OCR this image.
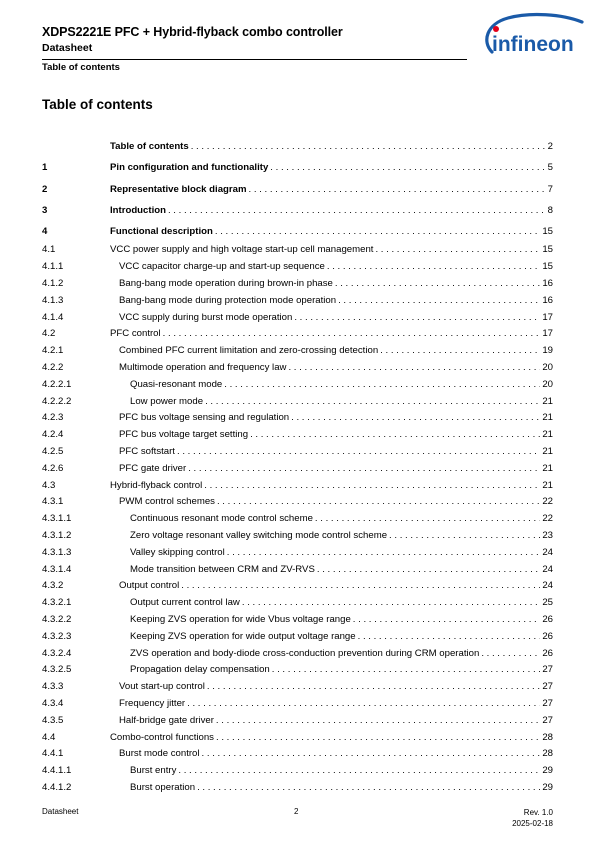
XDPS2221E PFC + Hybrid-flyback combo controller
Datasheet
Table of contents
infineon
Table of contents
Table of contents . . .	2
1	Pin configuration and functionality . . .	5
2	Representative block diagram . . .	7
3	Introduction . . .	8
4	Functional description . . .	15
4.1	VCC power supply and high voltage start-up cell management . . .	15
4.1.1	VCC capacitor charge-up and start-up sequence . . .	15
4.1.2	Bang-bang mode operation during brown-in phase . . .	16
4.1.3	Bang-bang mode during protection mode operation . . .	16
4.1.4	VCC supply during burst mode operation . . .	17
4.2	PFC control . . .	17
4.2.1	Combined PFC current limitation and zero-crossing detection . . .	19
4.2.2	Multimode operation and frequency law . . .	20
4.2.2.1	Quasi-resonant mode . . .	20
4.2.2.2	Low power mode . . .	21
4.2.3	PFC bus voltage sensing and regulation . . .	21
4.2.4	PFC bus voltage target setting . . .	21
4.2.5	PFC softstart . . .	21
4.2.6	PFC gate driver . . .	21
4.3	Hybrid-flyback control . . .	21
4.3.1	PWM control schemes . . .	22
4.3.1.1	Continuous resonant mode control scheme . . .	22
4.3.1.2	Zero voltage resonant valley switching mode control scheme . . .	23
4.3.1.3	Valley skipping control . . .	24
4.3.1.4	Mode transition between CRM and ZV-RVS . . .	24
4.3.2	Output control . . .	24
4.3.2.1	Output current control law . . .	25
4.3.2.2	Keeping ZVS operation for wide Vbus voltage range . . .	26
4.3.2.3	Keeping ZVS operation for wide output voltage range . . .	26
4.3.2.4	ZVS operation and body-diode cross-conduction prevention during CRM operation . . .	26
4.3.2.5	Propagation delay compensation . . .	27
4.3.3	Vout start-up control . . .	27
4.3.4	Frequency jitter . . .	27
4.3.5	Half-bridge gate driver . . .	27
4.4	Combo-control functions . . .	28
4.4.1	Burst mode control . . .	28
4.4.1.1	Burst entry . . .	29
4.4.1.2	Burst operation . . .	29
Datasheet	2	Rev. 1.0
2025-02-18
